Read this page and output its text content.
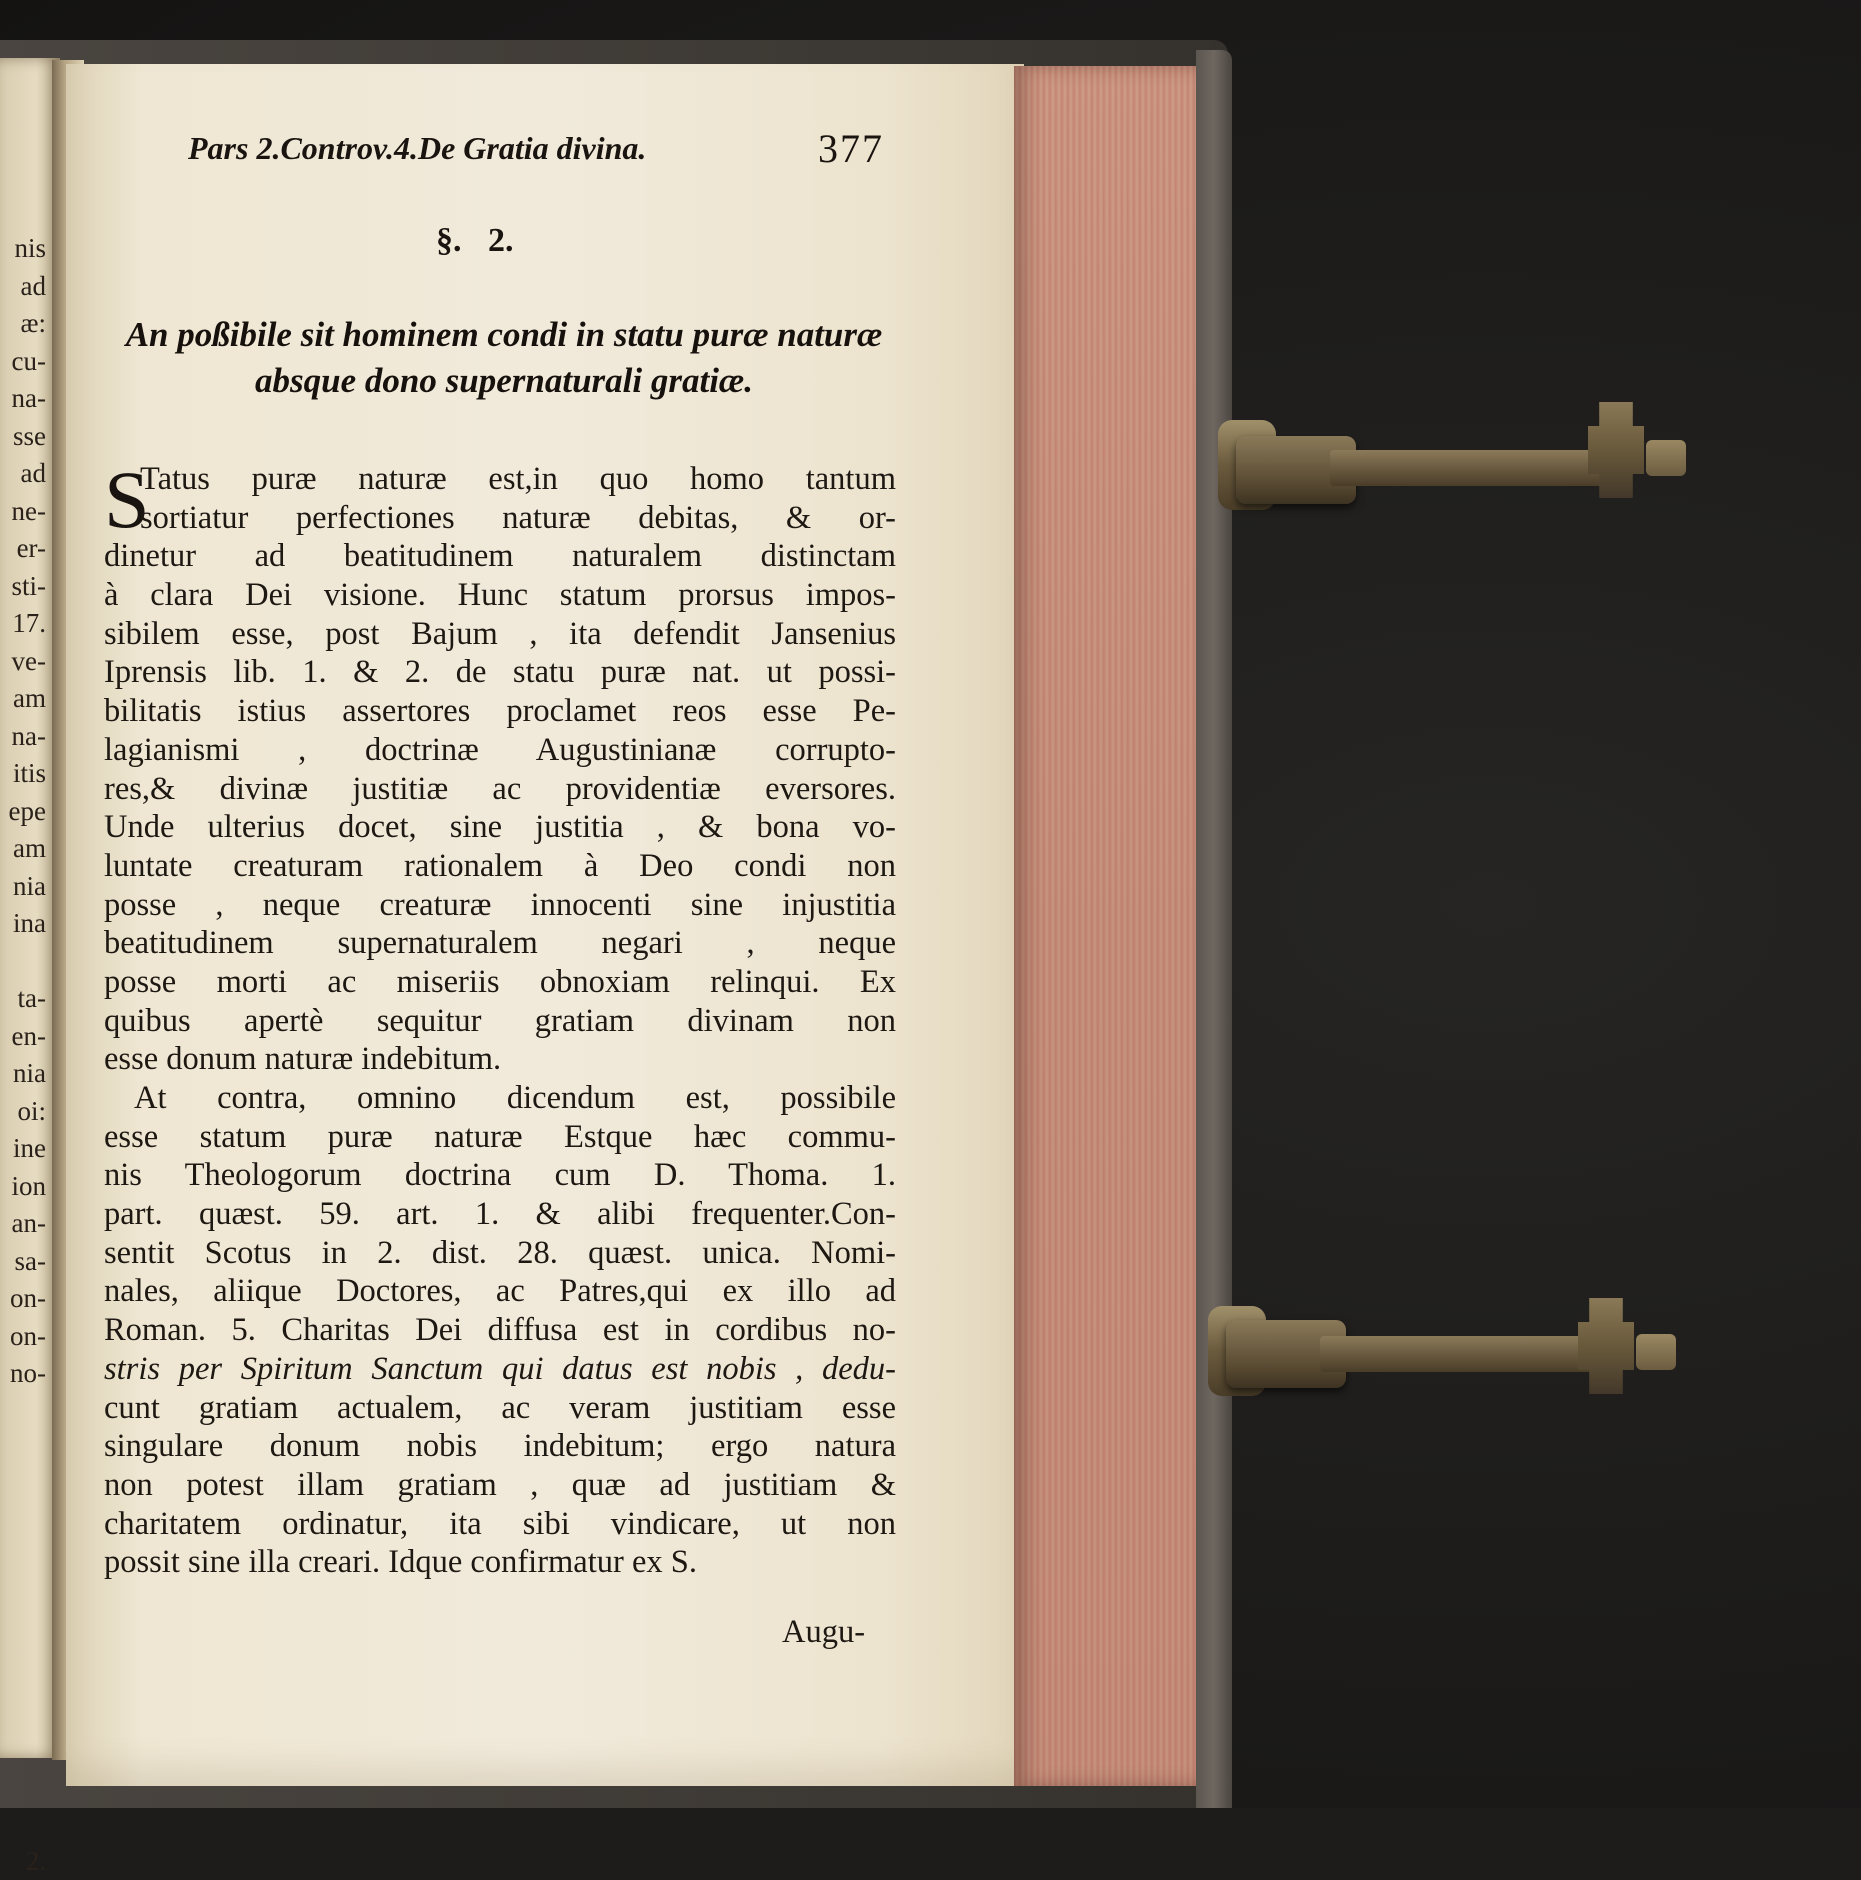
nis
ad
æ:
cu-
na-
sse
ad
ne-
er-
sti-
17.
ve-
am
na-
itis
epe
am
nia
ina
ta-
en-
nia
oi:
ine
ion
an-
sa-
on-
on-
no-
2.
Pars 2.Controv.4.De Gratia divina.	377
§. 2.
An poßibile sit hominem condi in statu puræ naturæ
absque dono supernaturali gratiæ.
S
Tatus puræ naturæ est,in quo homo tantum
sortiatur perfectiones naturæ debitas, & or-
dinetur ad beatitudinem naturalem distinctam
à clara Dei visione. Hunc statum prorsus impos-
sibilem esse, post Bajum , ita defendit Jansenius
Iprensis lib. 1. & 2. de statu puræ nat. ut possi-
bilitatis istius assertores proclamet reos esse Pe-
lagianismi , doctrinæ Augustinianæ corrupto-
res,& divinæ justitiæ ac providentiæ eversores.
Unde ulterius docet, sine justitia , & bona vo-
luntate creaturam rationalem à Deo condi non
posse , neque creaturæ innocenti sine injustitia
beatitudinem supernaturalem negari , neque
posse morti ac miseriis obnoxiam relinqui. Ex
quibus apertè sequitur gratiam divinam non
esse donum naturæ indebitum.
At contra, omnino dicendum est, possibile
esse statum puræ naturæ Estque hæc commu-
nis Theologorum doctrina cum D. Thoma. 1.
part. quæst. 59. art. 1. & alibi frequenter.Con-
sentit Scotus in 2. dist. 28. quæst. unica. Nomi-
nales, aliique Doctores, ac Patres,qui ex illo ad
Roman. 5. Charitas Dei diffusa est in cordibus no-
stris per Spiritum Sanctum qui datus est nobis , dedu-
cunt gratiam actualem, ac veram justitiam esse
singulare donum nobis indebitum; ergo natura
non potest illam gratiam , quæ ad justitiam &
charitatem ordinatur, ita sibi vindicare, ut non
possit sine illa creari. Idque confirmatur ex S.
Augu-
